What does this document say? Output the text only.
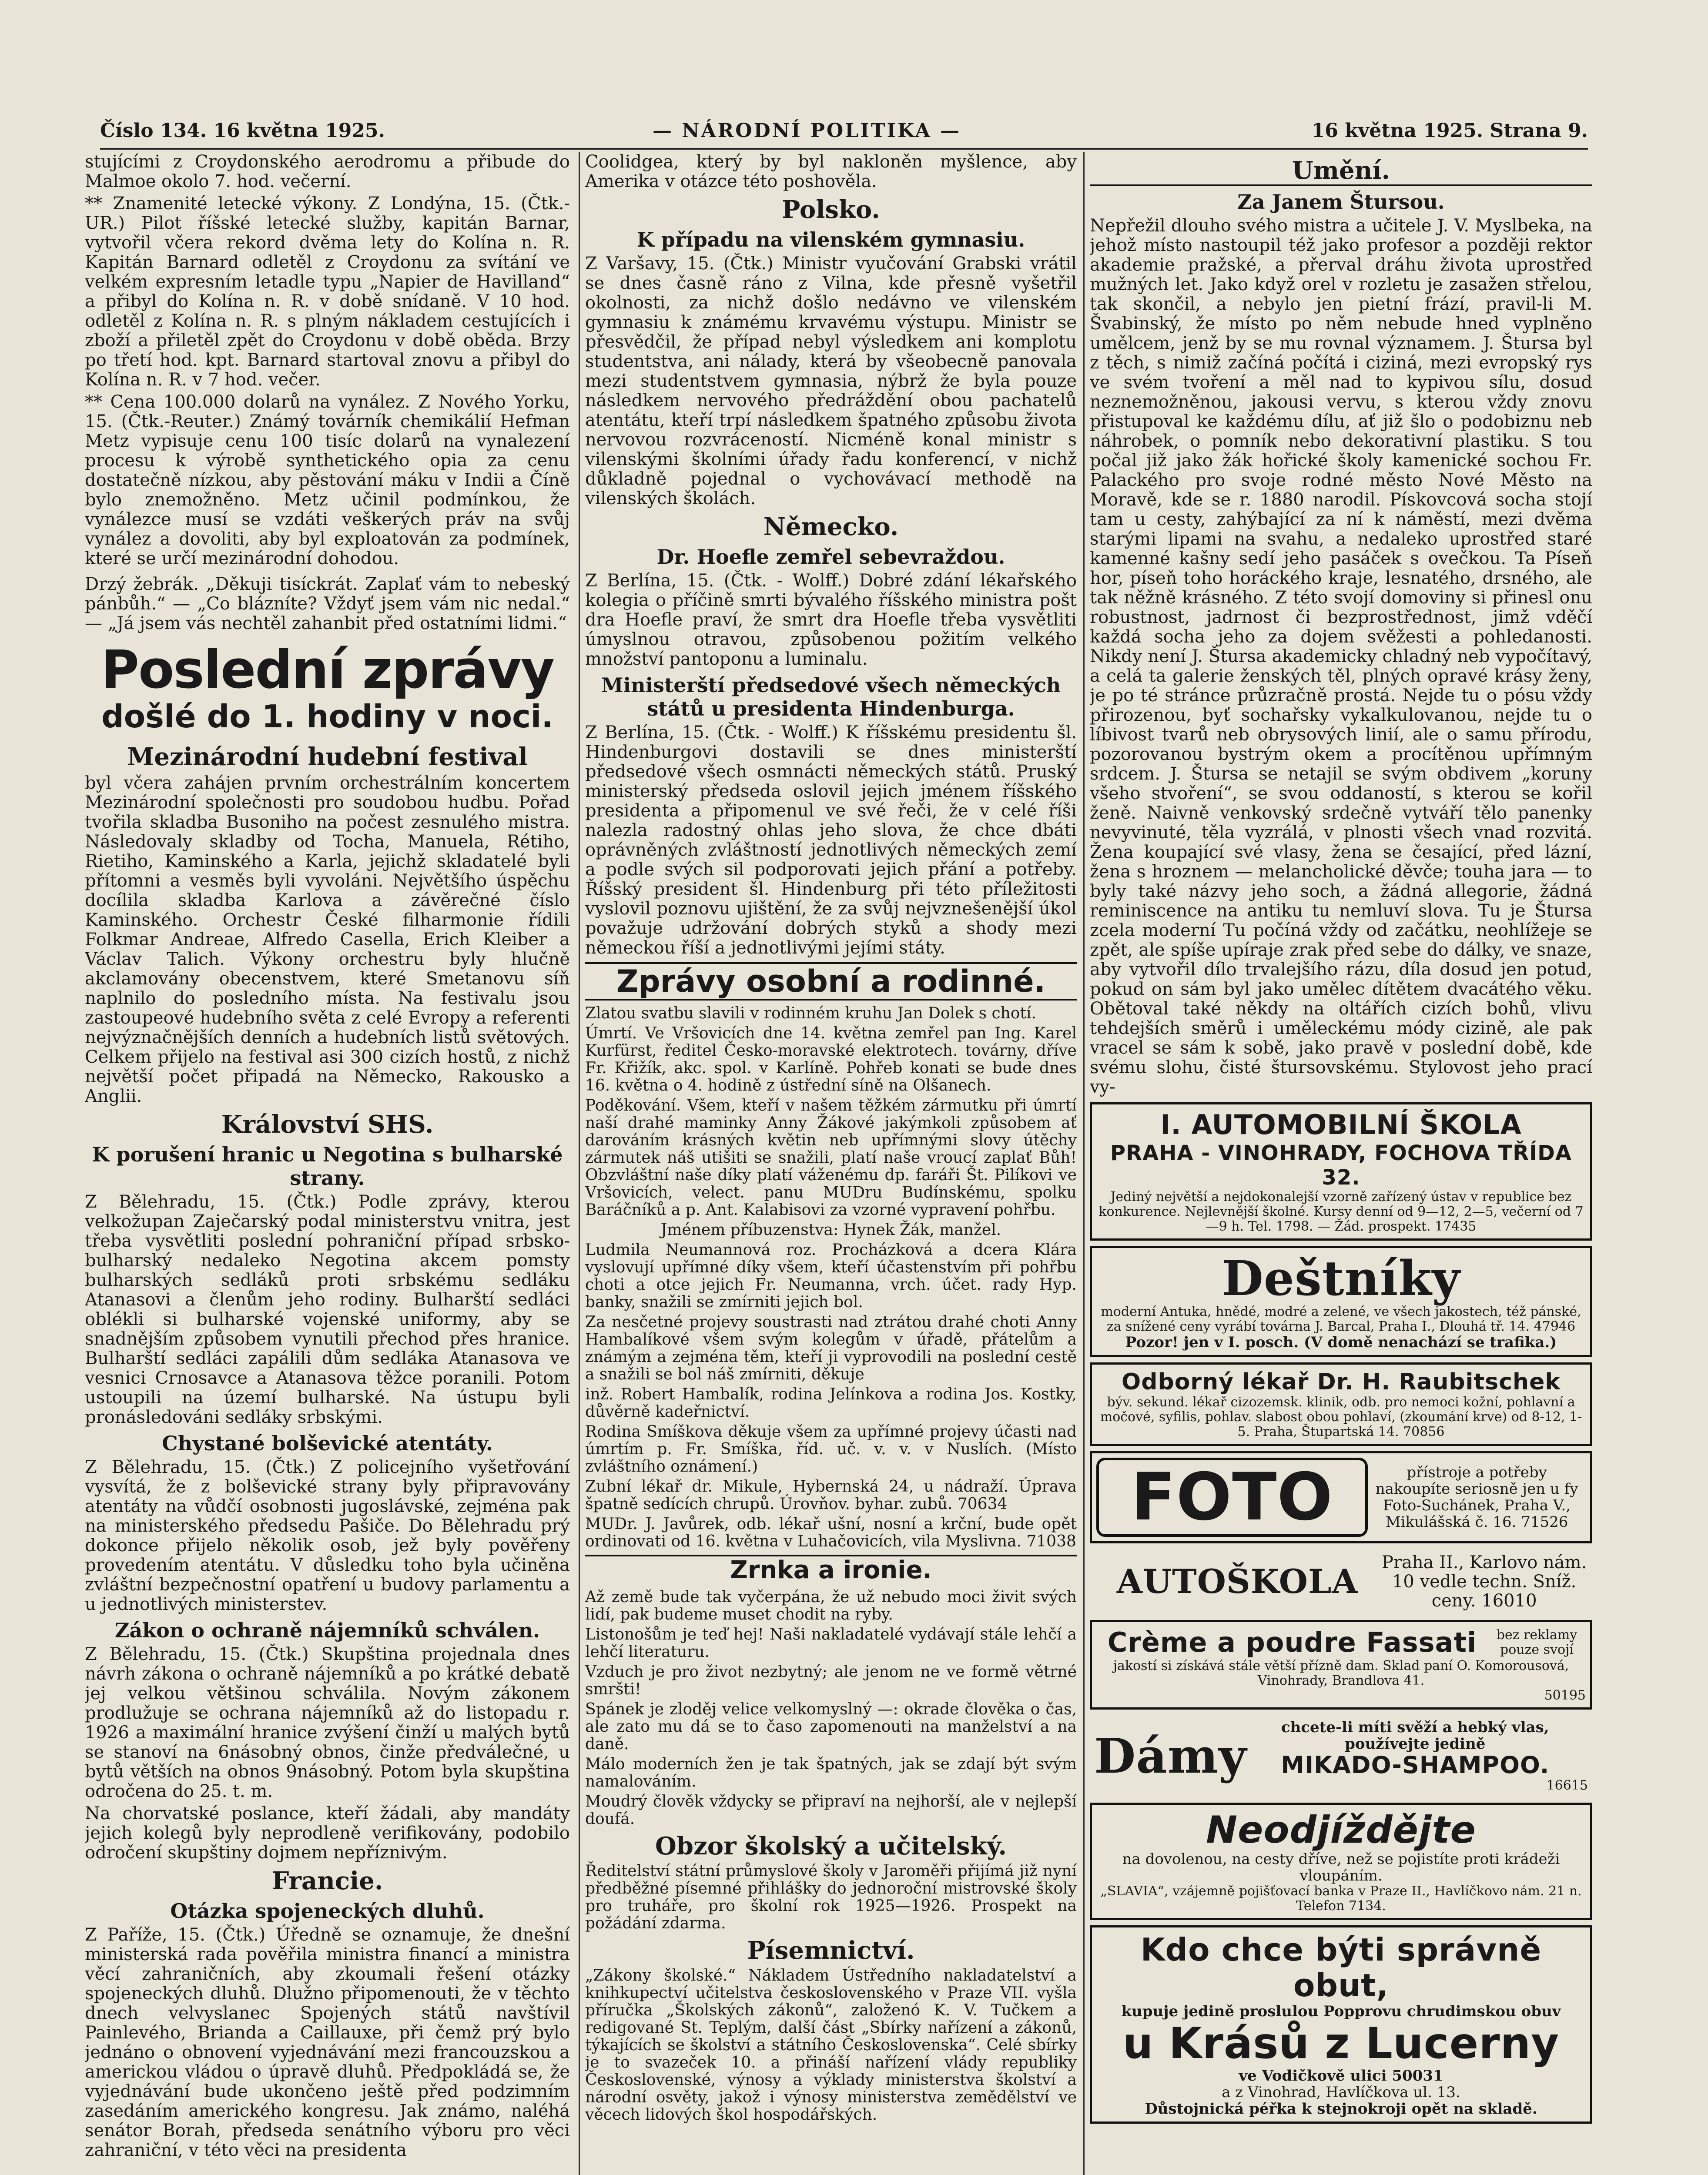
Číslo 134. 16 května 1925.	— NÁRODNÍ POLITIKA —	16 května 1925. Strana 9.

stujícími z Croydonského aerodromu a přibude do Malmoe okolo 7. hod. večerní.

** Znamenité letecké výkony. Z Londýna, 15. (Čtk.-UR.) Pilot říšské letecké služby, kapitán Barnar, vytvořil včera rekord dvěma lety do Kolína n. R. Kapitán Barnard odletěl z Croydonu za svítání ve velkém expresním letadle typu „Napier de Havilland“ a přibyl do Kolína n. R. v době snídaně. V 10 hod. odletěl z Kolína n. R. s plným nákladem cestujících i zboží a přiletěl zpět do Croydonu v době obědа. Brzy po třetí hod. kpt. Barnard startoval znovu a přibyl do Kolína n. R. v 7 hod. večer.

** Cena 100.000 dolarů na vynález. Z Nového Yorku, 15. (Čtk.-Reuter.) Známý továrník chemikálií Hefman Metz vypisuje cenu 100 tisíc dolarů na vynalezení procesu k výrobě synthetického opia za cenu dostatečně nízkou, aby pěstování máku v Indii a Číně bylo znemožněno. Metz učinil podmínkou, že vynálezce musí se vzdáti veškerých práv na svůj vynález a dovoliti, aby byl exploatován za podmínek, které se určí mezinárodní dohodou.

Drzý žebrák. „Děkuji tisíckrát. Zaplať vám to nebeský pánbůh.“ — „Co blázníte? Vždyť jsem vám nic nedal.“ — „Já jsem vás nechtěl zahanbit před ostatními lidmi.“

Poslední zprávy
došlé do 1. hodiny v noci.
Mezinárodní hudební festival

byl včera zahájen prvním orchestrálním koncertem Mezinárodní společnosti pro soudobou hudbu. Pořad tvořila skladba Busoniho na počest zesnulého mistra. Následovaly skladby od Tocha, Manuela, Rétiho, Rietiho, Kaminského a Karla, jejichž skladatelé byli přítomni a vesměs byli vyvoláni. Největšího úspěchu docílila skladba Karlova a závěrečné číslo Kaminského. Orchestr České filharmonie řídili Folkmar Andreae, Alfredo Casella, Erich Kleiber a Václav Talich. Výkony orchestru byly hlučně akclamovány obecenstvem, které Smetanovu síň naplnilo do posledního místa. Na festivalu jsou zastoupeové hudebního světa z celé Evropy a referenti nejvýznačnějších denních a hudebních listů světových. Celkem přijelo na festival asi 300 cizích hostů, z nichž největší počet připadá na Německo, Rakousko a Anglii.

Království SHS.
K porušení hranic u Negotina s bulharské strany.

Z Bělehradu, 15. (Čtk.) Podle zprávy, kterou velkožupan Zaječarský podal ministerstvu vnitra, jest třeba vysvětliti poslední pohraniční případ srbsko-bulharský nedaleko Negotina akcem pomsty bulharských sedláků proti srbskému sedláku Atanasovi a členům jeho rodiny. Bulharští sedláci oblékli si bulharské vojenské uniformy, aby se snadnějším způsobem vynutili přechod přes hranice. Bulharští sedláci zapálili dům sedláka Atanasova ve vesnici Crnosavce a Atanasova těžce poranili. Potom ustoupili na území bulharské. Na ústupu byli pronásledováni sedláky srbskými.

Chystané bolševické atentáty.

Z Bělehradu, 15. (Čtk.) Z policejního vyšetřování vysvítá, že z bolševické strany byly připravovány atentáty na vůdčí osobnosti jugoslávské, zejména pak na ministerského předsedu Pašiče. Do Bělehradu prý dokonce přijelo několik osob, jež byly pověřeny provedením atentátu. V důsledku toho byla učiněna zvláštní bezpečnostní opatření u budovy parlamentu a u jednotlivých ministerstev.

Zákon o ochraně nájemníků schválen.

Z Bělehradu, 15. (Čtk.) Skupština projednala dnes návrh zákona o ochraně nájemníků a po krátké debatě jej velkou většinou schválila. Novým zákonem prodlužuje se ochrana nájemníků až do listopadu r. 1926 a maximální hranice zvýšení činží u malých bytů se stanoví na 6násobný obnos, činže předválečné, u bytů větších na obnos 9násobný. Potom byla skupština odročena do 25. t. m.

Na chorvatské poslance, kteří žádali, aby mandáty jejich kolegů byly neprodleně verifikovány, podobilo odročení skupštiny dojmem nepříznivým.

Francie.
Otázka spojeneckých dluhů.

Z Paříže, 15. (Čtk.) Úředně se oznamuje, že dnešní ministerská rada pověřila ministra financí a ministra věcí zahraničních, aby zkoumali řešení otázky spojeneckých dluhů. Dlužno připomenouti, že v těchto dnech velvyslanec Spojených států navštívil Painlevého, Brianda a Caillauxe, při čemž prý bylo jednáno o obnovení vyjednávání mezi francouzskou a americkou vládou o úpravě dluhů. Předpokládá se, že vyjednávání bude ukončeno ještě před podzimním zasedáním amerického kongresu. Jak známo, naléhá senátor Borah, předseda senátního výboru pro věci zahraniční, v této věci na presidenta

Coolidgea, který by byl nakloněn myšlence, aby Amerika v otázce této poshověla.

Polsko.
K případu na vilenském gymnasiu.

Z Varšavy, 15. (Čtk.) Ministr vyučování Grabski vrátil se dnes časně ráno z Vilna, kde přesně vyšetřil okolnosti, za nichž došlo nedávno ve vilenském gymnasiu k známému krvavému výstupu. Ministr se přesvědčil, že případ nebyl výsledkem ani komplotu studentstva, ani nálady, která by všeobecně panovala mezi studentstvem gymnasia, nýbrž že byla pouze následkem nervového předráždění obou pachatelů atentátu, kteří trpí následkem špatného způsobu života nervovou rozvráceností. Nicméně konal ministr s vilenskými školními úřady řadu konferencí, v nichž důkladně pojednal o vychovávací methodě na vilenských školách.

Německo.
Dr. Hoefle zemřel sebevraždou.

Z Berlína, 15. (Čtk. - Wolff.) Dobré zdání lékařského kolegia o příčině smrti bývalého říšského ministra pošt dra Hoefle praví, že smrt dra Hoefle třeba vysvětliti úmyslnou otravou, způsobenou požitím velkého množství pantoponu a luminalu.

Ministerští předsedové všech německých států u presidenta Hindenburga.

Z Berlína, 15. (Čtk. - Wolff.) K říšskému presidentu šl. Hindenburgovi dostavili se dnes ministerští předsedové všech osmnácti německých států. Pruský ministerský předseda oslovil jejich jménem říšského presidenta a připomenul ve své řeči, že v celé říši nalezla radostný ohlas jeho slova, že chce dbáti oprávněných zvláštností jednotlivých německých zemí a podle svých sil podporovati jejich přání a potřeby. Říšský president šl. Hindenburg při této příležitosti vyslovil poznovu ujištění, že za svůj nejvznešenější úkol považuje udržování dobrých styků a shody mezi německou říší a jednotlivými jejími státy.

Zprávy osobní a rodinné.

Zlatou svatbu slavili v rodinném kruhu Jan Dolek s chotí.

Úmrtí. Ve Vršovicích dne 14. května zemřel pan Ing. Karel Kurfürst, ředitel Česko-moravské elektrotech. továrny, dříve Fr. Křižík, akc. spol. v Karlíně. Pohřeb konati se bude dnes 16. května o 4. hodině z ústřední síně na Olšanech.

Poděkování. Všem, kteří v našem těžkém zármutku při úmrtí naší drahé maminky Anny Žákové jakýmkoli způsobem ať darováním krásných květin neb upřímnými slovy útěchy zármutek náš utišiti se snažili, platí naše vroucí zaplať Bůh! Obzvláštní naše díky platí váženému dp. faráři Št. Pilíkovi ve Vršovicích, velect. panu MUDru Budínskému, spolku Baráčníků a p. Ant. Kalabisovi za vzorné vypravení pohřbu.

Jménem příbuzenstva: Hynek Žák, manžel.

Ludmila Neumannová roz. Procházková a dcera Klára vyslovují upřímné díky všem, kteří účastenstvím při pohřbu choti a otce jejich Fr. Neumanna, vrch. účet. rady Hyp. banky, snažili se zmírniti jejich bol.

Za nesčetné projevy soustrasti nad ztrátou drahé choti Anny Hambalíkové všem svým kolegům v úřadě, přátelům a známým a zejména těm, kteří ji vyprovodili na poslední cestě a snažili se bol náš zmírniti, děkuje

inž. Robert Hambalík, rodina Jelínkova a rodina Jos. Kostky, důvěrně kadeřnictví.

Rodina Smíškova děkuje všem za upřímné projevy účasti nad úmrtím p. Fr. Smíška, říd. uč. v. v. v Nuslích. (Místo zvláštního oznámení.)

Zubní lékař dr. Mikule, Hybernská 24, u nádraží. Úprava špatně sedících chrupů. Úrovňov. byhar. zubů. 70634

MUDr. J. Javůrek, odb. lékař ušní, nosní a krční, bude opět ordinovati od 16. května v Luhačovicích, vila Myslivna. 71038

Zrnka a ironie.

Až země bude tak vyčerpána, že už nebudo moci živit svých lidí, pak budeme muset chodit na ryby.

Listonošům je teď hej! Naši nakladatelé vydávají stále lehčí a lehčí literaturu.

Vzduch je pro život nezbytný; ale jenom ne ve formě větrné smršti!

Spánek je zloděj velice velkomyslný —: okrade člověka o čas, ale zato mu dá se to časo zapomenouti na manželství a na daně.

Málo moderních žen je tak špatných, jak se zdají být svým namalováním.

Moudrý člověk vždycky se připraví na nejhorší, ale v nejlepší doufá.

Obzor školský a učitelský.

Ředitelství státní průmyslové školy v Jaroměři přijímá již nyní předběžné písemné přihlášky do jednoroční mistrovské školy pro truháře, pro školní rok 1925—1926. Prospekt na požádání zdarma.

Písemnictví.

„Zákony školské.“ Nákladem Ústředního nakladatelství a knihkupectví učitelstva československého v Praze VII. vyšla příručka „Školských zákonů“, založenó K. V. Tučkem a redigované St. Teplým, další část „Sbírky nařízení a zákonů, týkajících se školství a státního Československa“. Celé sbírky je to svazeček 10. a přináší nařízení vlády republiky Československé, výnosy a výklady ministerstva školství a národní osvěty, jakož i výnosy ministerstva zemědělství ve věcech lidových škol hospodářských.

Umění.
Za Janem Štursou.

Nepřežil dlouho svého mistra a učitele J. V. Myslbeka, na jehož místo nastoupil též jako profesor a později rektor akademie pražské, a přerval dráhu života uprostřed mužných let. Jako když orel v rozletu je zasažen střelou, tak skončil, a nebylo jen pietní frází, pravil-li M. Švabinský, že místo po něm nebude hned vyplněno umělcem, jenž by se mu rovnal významem. J. Štursa byl z těch, s nimiž začíná počítá i ciziná, mezi evropský rys ve svém tvoření a měl nad to kypivou sílu, dosud neznemožněnou, jakousi vervu, s kterou vždy znovu přistupoval ke každému dílu, ať již šlo o podobiznu neb náhrobek, o pomník nebo dekorativní plastiku. S tou počal již jako žák hořické školy kamenické sochou Fr. Palackého pro svoje rodné město Nové Město na Moravě, kde se r. 1880 narodil. Pískovcová socha stojí tam u cesty, zahýbající za ní k náměstí, mezi dvěma starými lipami na svahu, a nedaleko uprostřed staré kamenné kašny sedí jeho pasáček s ovečkou. Ta Píseň hor, píseň toho horáckého kraje, lesnatého, drsného, ale tak něžně krásného. Z této svojí domoviny si přinesl onu robustnost, jadrnost či bezprostřednost, jimž vděčí každá socha jeho za dojem svěžesti a pohledanosti. Nikdy není J. Štursa akademicky chladný neb vypočítavý, a celá ta galerie ženských těl, plných opravé krásy ženy, je po té stránce průzračně prostá. Nejde tu o pósu vždy přirozenou, byť sochařsky vykalkulovanou, nejde tu o líbivost tvarů neb obrysových linií, ale o samu přírodu, pozorovanou bystrým okem a procítěnou upřímným srdcem. J. Štursa se netajil se svým obdivem „koruny všeho stvoření“, se svou oddaností, s kterou se kořil ženě. Naivně venkovský srdečně vytváří tělo panenky nevyvinuté, těla vyzrálá, v plnosti všech vnad rozvitá. Žena koupající své vlasy, žena se česající, před lázní, žena s hroznem — melancholické děvče; touha jara — to byly také názvy jeho soch, a žádná allegorie, žádná reminiscence na antiku tu nemluví slova. Tu je Štursa zcela moderní Tu počíná vždy od začátku, neohlížeje se zpět, ale spíše upíraje zrak před sebe do dálky, ve snaze, aby vytvořil dílo trvalejšího rázu, díla dosud jen potud, pokud on sám byl jako umělec dítětem dvacátého věku. Obětoval také někdy na oltářích cizích bohů, vlivu tehdejších směrů i uměleckému módy cizině, ale pak vracel se sám k sobě, jako pravě v poslední době, kde svému slohu, čisté štursovskému. Stylovost jeho prací vy-

I. AUTOMOBILNÍ ŠKOLA
PRAHA - VINOHRADY, FOCHOVA TŘÍDA 32.

Jediný největší a nejdokonalejší vzorně zařízený ústav v republice bez konkurence. Nejlevnější školné. Kursy denní od 9—12, 2—5, večerní od 7—9 h. Tel. 1798. — Žád. prospekt. 17435

Deštníky

moderní Antuka, hnědé, modré a zelené, ve všech jakostech, též pánské, za snížené ceny vyrábí továrna J. Barcal, Praha I., Dlouhá tř. 14. 47946

Pozor! jen v I. posch. (V domě nenachází se trafika.)

Odborný lékař Dr. H. Raubitschek

býv. sekund. lékař cizozemsk. klinik, odb. pro nemoci kožní, pohlavní a močové, syfilis, pohlav. slabost obou pohlaví, (zkoumání krve) od 8-12, 1-5. Praha, Štupartská 14. 70856

FOTO	přístroje a potřeby nakoupíte seriosně jen u fy Foto-Suchánek, Praha V., Mikulášská č. 16. 71526

AUTOŠKOLA	Praha II., Karlovo nám. 10 vedle techn. Sníž. ceny. 16010

Crème a poudre Fassati	bez reklamy pouze svojí

jakostí si získává stále větší přízně dam. Sklad paní O. Komorousová, Vinohrady, Brandlova 41.

50195

Dámy

chcete-li míti svěží a hebký vlas, používejte jedině

MIKADO-SHAMPOO.

16615

Neodjíždějte

na dovolenou, na cesty dříve, než se pojistíte proti krádeži vloupáním.

„SLAVIA“, vzájemně pojišťovací banka v Praze II., Havlíčkovo nám. 21 n. Telefon 7134.

Kdo chce býti správně obut,

kupuje jedině proslulou Popprovu chrudimskou obuv

u Krásů z Lucerny

ve Vodičkově ulici 50031

a z Vinohrad, Havlíčkova ul. 13.

Důstojnická péřka k stejnokroji opět na skladě.
